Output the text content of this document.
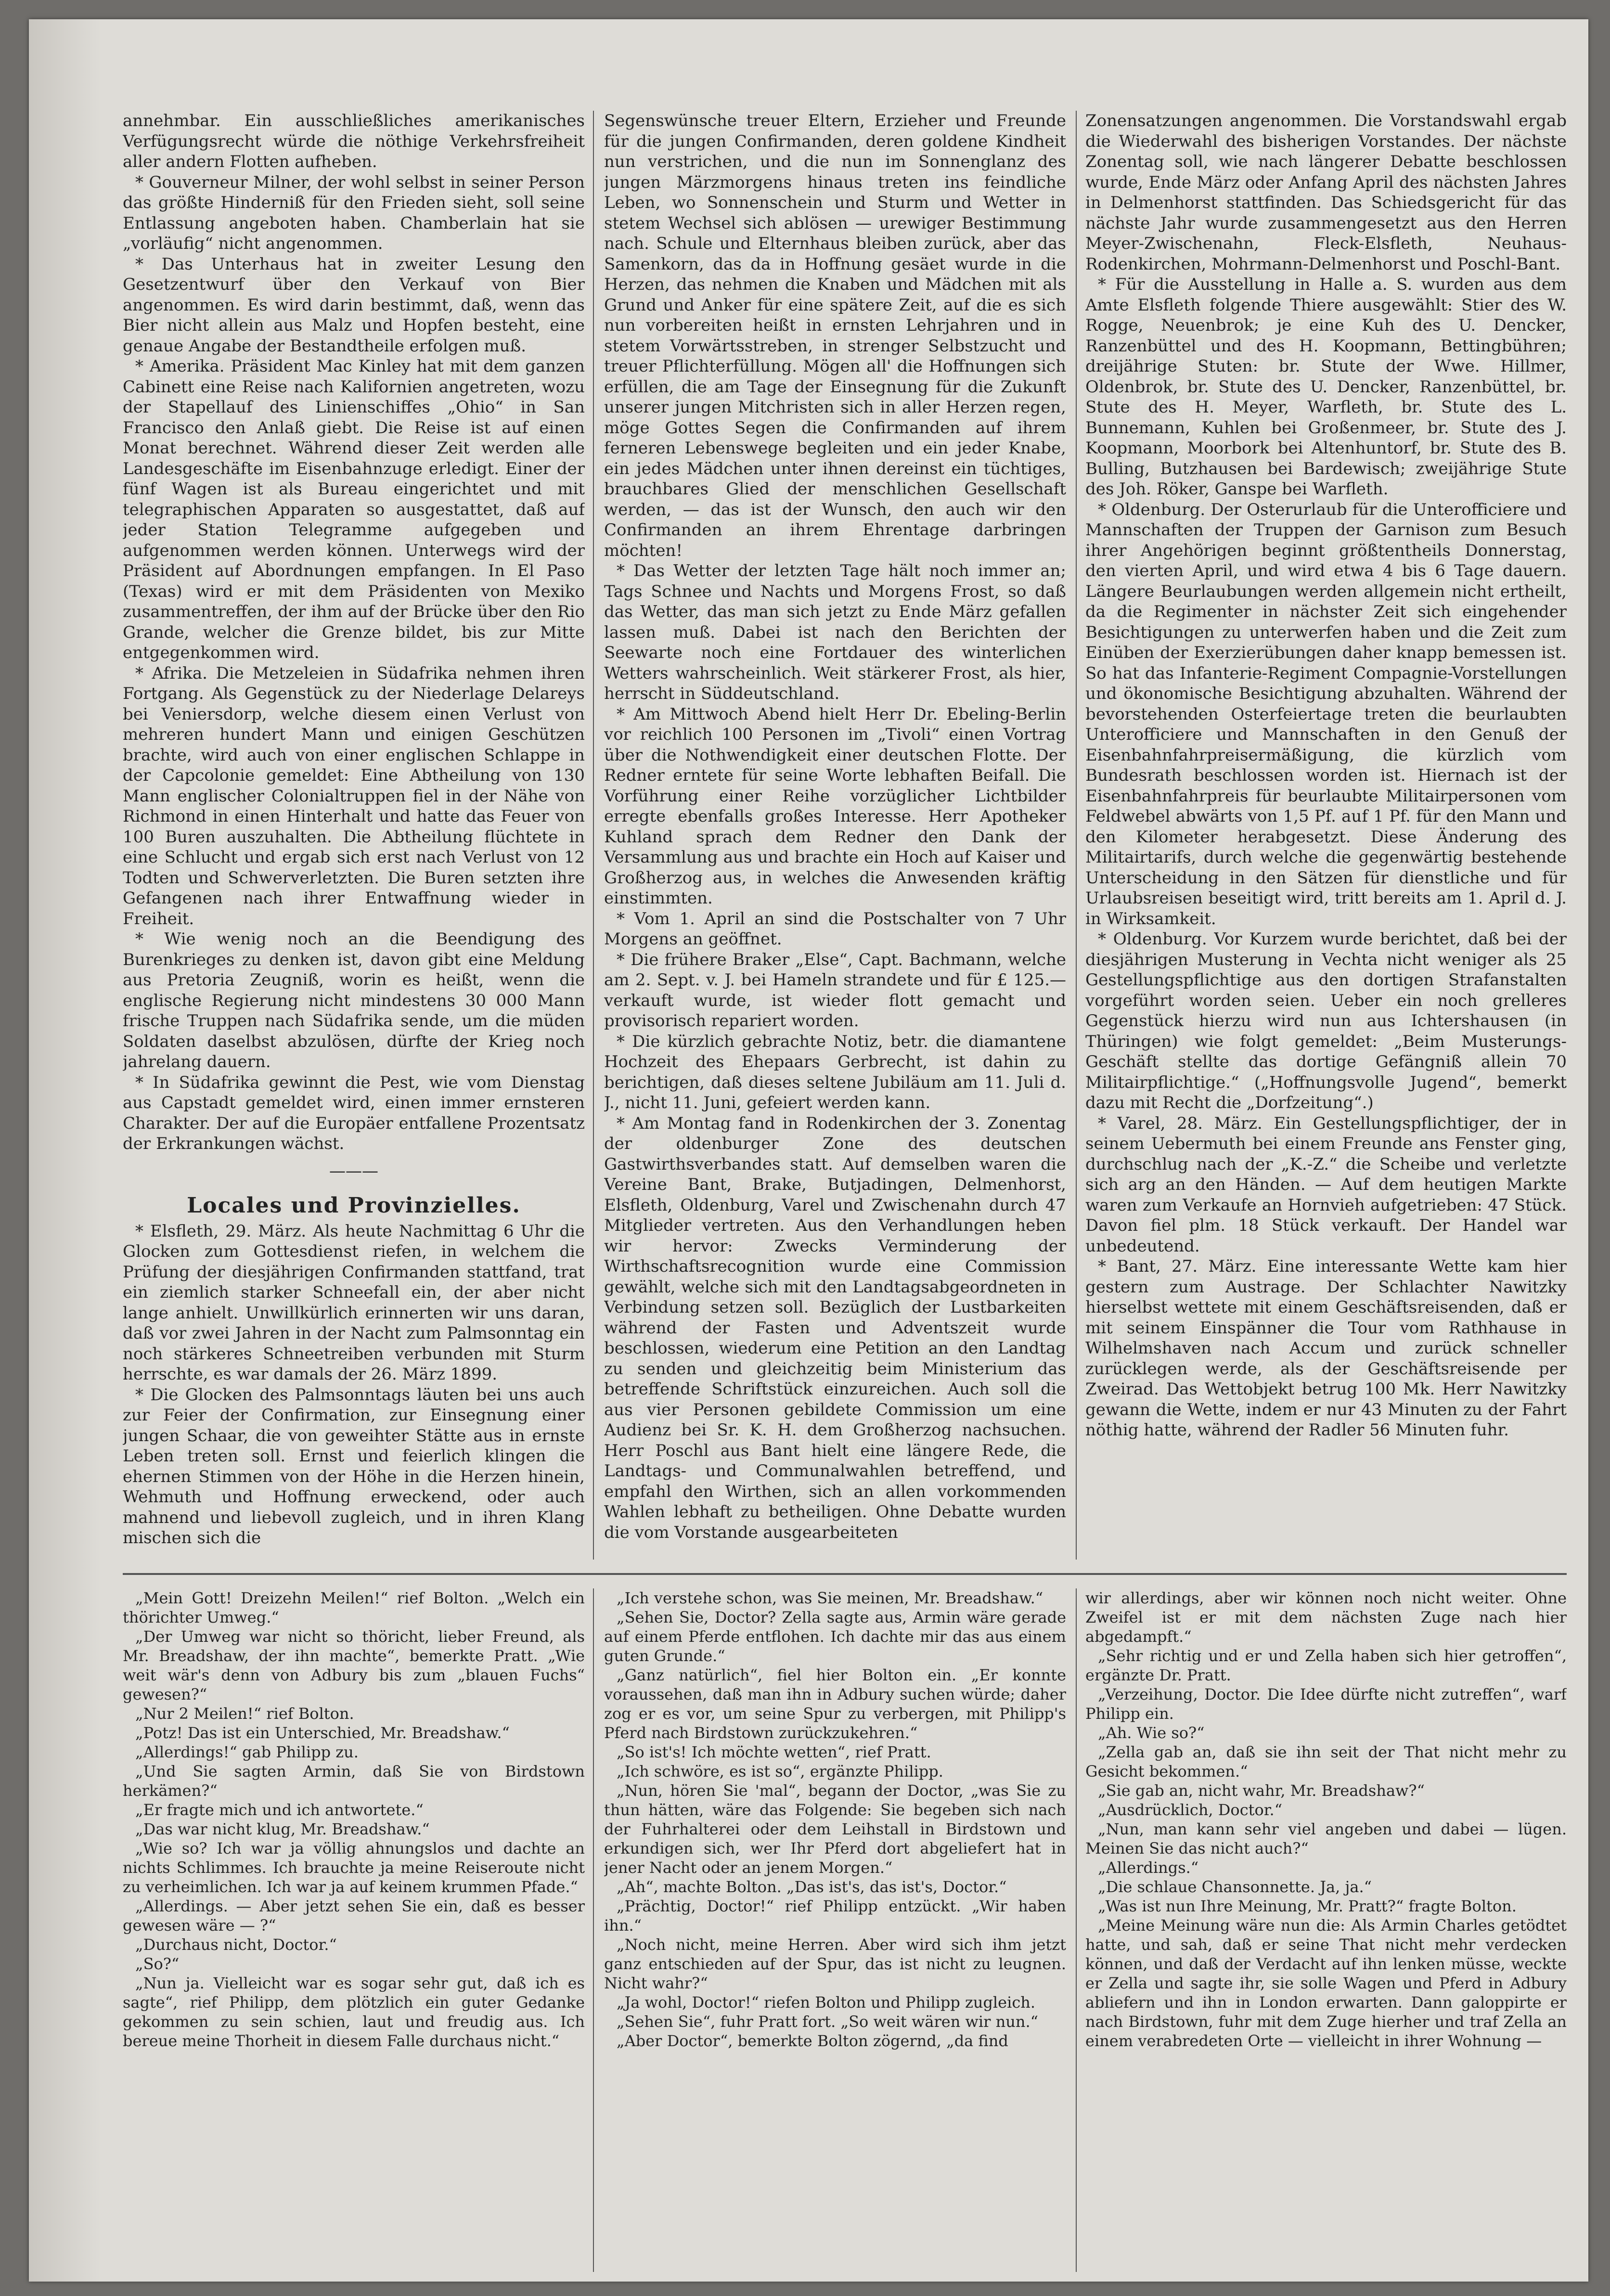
annehmbar. Ein ausschließliches amerikanisches Verfügungsrecht würde die nöthige Verkehrsfreiheit aller andern Flotten aufheben.

* Gouverneur Milner, der wohl selbst in seiner Person das größte Hinderniß für den Frieden sieht, soll seine Entlassung angeboten haben. Chamberlain hat sie „vorläufig“ nicht angenommen.

* Das Unterhaus hat in zweiter Lesung den Gesetzentwurf über den Verkauf von Bier angenommen. Es wird darin bestimmt, daß, wenn das Bier nicht allein aus Malz und Hopfen besteht, eine genaue Angabe der Bestandtheile erfolgen muß.

* Amerika. Präsident Mac Kinley hat mit dem ganzen Cabinett eine Reise nach Kalifornien angetreten, wozu der Stapellauf des Linienschiffes „Ohio“ in San Francisco den Anlaß giebt. Die Reise ist auf einen Monat berechnet. Während dieser Zeit werden alle Landesgeschäfte im Eisenbahnzuge erledigt. Einer der fünf Wagen ist als Bureau eingerichtet und mit telegraphischen Apparaten so ausgestattet, daß auf jeder Station Telegramme aufgegeben und aufgenommen werden können. Unterwegs wird der Präsident auf Abordnungen empfangen. In El Paso (Texas) wird er mit dem Präsidenten von Mexiko zusammentreffen, der ihm auf der Brücke über den Rio Grande, welcher die Grenze bildet, bis zur Mitte entgegenkommen wird.

* Afrika. Die Metzeleien in Südafrika nehmen ihren Fortgang. Als Gegenstück zu der Niederlage Delareys bei Veniersdorp, welche diesem einen Verlust von mehreren hundert Mann und einigen Geschützen brachte, wird auch von einer englischen Schlappe in der Capcolonie gemeldet: Eine Abtheilung von 130 Mann englischer Colonialtruppen fiel in der Nähe von Richmond in einen Hinterhalt und hatte das Feuer von 100 Buren auszuhalten. Die Abtheilung flüchtete in eine Schlucht und ergab sich erst nach Verlust von 12 Todten und Schwerverletzten. Die Buren setzten ihre Gefangenen nach ihrer Entwaffnung wieder in Freiheit.

* Wie wenig noch an die Beendigung des Burenkrieges zu denken ist, davon gibt eine Meldung aus Pretoria Zeugniß, worin es heißt, wenn die englische Regierung nicht mindestens 30 000 Mann frische Truppen nach Südafrika sende, um die müden Soldaten daselbst abzulösen, dürfte der Krieg noch jahrelang dauern.

* In Südafrika gewinnt die Pest, wie vom Dienstag aus Capstadt gemeldet wird, einen immer ernsteren Charakter. Der auf die Europäer entfallene Prozentsatz der Erkrankungen wächst.

———
Locales und Provinzielles.

* Elsfleth, 29. März. Als heute Nachmittag 6 Uhr die Glocken zum Gottesdienst riefen, in welchem die Prüfung der diesjährigen Confirmanden stattfand, trat ein ziemlich starker Schneefall ein, der aber nicht lange anhielt. Unwillkürlich erinnerten wir uns daran, daß vor zwei Jahren in der Nacht zum Palmsonntag ein noch stärkeres Schneetreiben verbunden mit Sturm herrschte, es war damals der 26. März 1899.

* Die Glocken des Palmsonntags läuten bei uns auch zur Feier der Confirmation, zur Einsegnung einer jungen Schaar, die von geweihter Stätte aus in ernste Leben treten soll. Ernst und feierlich klingen die ehernen Stimmen von der Höhe in die Herzen hinein, Wehmuth und Hoffnung erweckend, oder auch mahnend und liebevoll zugleich, und in ihren Klang mischen sich die

Segenswünsche treuer Eltern, Erzieher und Freunde für die jungen Confirmanden, deren goldene Kindheit nun verstrichen, und die nun im Sonnenglanz des jungen Märzmorgens hinaus treten ins feindliche Leben, wo Sonnenschein und Sturm und Wetter in stetem Wechsel sich ablösen — urewiger Bestimmung nach. Schule und Elternhaus bleiben zurück, aber das Samenkorn, das da in Hoffnung gesäet wurde in die Herzen, das nehmen die Knaben und Mädchen mit als Grund und Anker für eine spätere Zeit, auf die es sich nun vorbereiten heißt in ernsten Lehrjahren und in stetem Vorwärtsstreben, in strenger Selbstzucht und treuer Pflichterfüllung. Mögen all' die Hoffnungen sich erfüllen, die am Tage der Einsegnung für die Zukunft unserer jungen Mitchristen sich in aller Herzen regen, möge Gottes Segen die Confirmanden auf ihrem ferneren Lebenswege begleiten und ein jeder Knabe, ein jedes Mädchen unter ihnen dereinst ein tüchtiges, brauchbares Glied der menschlichen Gesellschaft werden, — das ist der Wunsch, den auch wir den Confirmanden an ihrem Ehrentage darbringen möchten!

* Das Wetter der letzten Tage hält noch immer an; Tags Schnee und Nachts und Morgens Frost, so daß das Wetter, das man sich jetzt zu Ende März gefallen lassen muß. Dabei ist nach den Berichten der Seewarte noch eine Fortdauer des winterlichen Wetters wahrscheinlich. Weit stärkerer Frost, als hier, herrscht in Süddeutschland.

* Am Mittwoch Abend hielt Herr Dr. Ebeling-Berlin vor reichlich 100 Personen im „Tivoli“ einen Vortrag über die Nothwendigkeit einer deutschen Flotte. Der Redner erntete für seine Worte lebhaften Beifall. Die Vorführung einer Reihe vorzüglicher Lichtbilder erregte ebenfalls großes Interesse. Herr Apotheker Kuhland sprach dem Redner den Dank der Versammlung aus und brachte ein Hoch auf Kaiser und Großherzog aus, in welches die Anwesenden kräftig einstimmten.

* Vom 1. April an sind die Postschalter von 7 Uhr Morgens an geöffnet.

* Die frühere Braker „Else“, Capt. Bachmann, welche am 2. Sept. v. J. bei Hameln strandete und für £ 125.— verkauft wurde, ist wieder flott gemacht und provisorisch repariert worden.

* Die kürzlich gebrachte Notiz, betr. die diamantene Hochzeit des Ehepaars Gerbrecht, ist dahin zu berichtigen, daß dieses seltene Jubiläum am 11. Juli d. J., nicht 11. Juni, gefeiert werden kann.

* Am Montag fand in Rodenkirchen der 3. Zonentag der oldenburger Zone des deutschen Gastwirthsverbandes statt. Auf demselben waren die Vereine Bant, Brake, Butjadingen, Delmenhorst, Elsfleth, Oldenburg, Varel und Zwischenahn durch 47 Mitglieder vertreten. Aus den Verhandlungen heben wir hervor: Zwecks Verminderung der Wirthschaftsrecognition wurde eine Commission gewählt, welche sich mit den Landtagsabgeordneten in Verbindung setzen soll. Bezüglich der Lustbarkeiten während der Fasten und Adventszeit wurde beschlossen, wiederum eine Petition an den Landtag zu senden und gleichzeitig beim Ministerium das betreffende Schriftstück einzureichen. Auch soll die aus vier Personen gebildete Commission um eine Audienz bei Sr. K. H. dem Großherzog nachsuchen. Herr Poschl aus Bant hielt eine längere Rede, die Landtags- und Communalwahlen betreffend, und empfahl den Wirthen, sich an allen vorkommenden Wahlen lebhaft zu betheiligen. Ohne Debatte wurden die vom Vorstande ausgearbeiteten

Zonensatzungen angenommen. Die Vorstandswahl ergab die Wiederwahl des bisherigen Vorstandes. Der nächste Zonentag soll, wie nach längerer Debatte beschlossen wurde, Ende März oder Anfang April des nächsten Jahres in Delmenhorst stattfinden. Das Schiedsgericht für das nächste Jahr wurde zusammengesetzt aus den Herren Meyer-Zwischenahn, Fleck-Elsfleth, Neuhaus-Rodenkirchen, Mohrmann-Delmenhorst und Poschl-Bant.

* Für die Ausstellung in Halle a. S. wurden aus dem Amte Elsfleth folgende Thiere ausgewählt: Stier des W. Rogge, Neuenbrok; je eine Kuh des U. Dencker, Ranzenbüttel und des H. Koopmann, Bettingbühren; dreijährige Stuten: br. Stute der Wwe. Hillmer, Oldenbrok, br. Stute des U. Dencker, Ranzenbüttel, br. Stute des H. Meyer, Warfleth, br. Stute des L. Bunnemann, Kuhlen bei Großenmeer, br. Stute des J. Koopmann, Moorbork bei Altenhuntorf, br. Stute des B. Bulling, Butzhausen bei Bardewisch; zweijährige Stute des Joh. Röker, Ganspe bei Warfleth.

* Oldenburg. Der Osterurlaub für die Unterofficiere und Mannschaften der Truppen der Garnison zum Besuch ihrer Angehörigen beginnt größtentheils Donnerstag, den vierten April, und wird etwa 4 bis 6 Tage dauern. Längere Beurlaubungen werden allgemein nicht ertheilt, da die Regimenter in nächster Zeit sich eingehender Besichtigungen zu unterwerfen haben und die Zeit zum Einüben der Exerzierübungen daher knapp bemessen ist. So hat das Infanterie-Regiment Compagnie-Vorstellungen und ökonomische Besichtigung abzuhalten. Während der bevorstehenden Osterfeiertage treten die beurlaubten Unterofficiere und Mannschaften in den Genuß der Eisenbahnfahrpreisermäßigung, die kürzlich vom Bundesrath beschlossen worden ist. Hiernach ist der Eisenbahnfahrpreis für beurlaubte Militairpersonen vom Feldwebel abwärts von 1,5 Pf. auf 1 Pf. für den Mann und den Kilometer herabgesetzt. Diese Änderung des Militairtarifs, durch welche die gegenwärtig bestehende Unterscheidung in den Sätzen für dienstliche und für Urlaubsreisen beseitigt wird, tritt bereits am 1. April d. J. in Wirksamkeit.

* Oldenburg. Vor Kurzem wurde berichtet, daß bei der diesjährigen Musterung in Vechta nicht weniger als 25 Gestellungspflichtige aus den dortigen Strafanstalten vorgeführt worden seien. Ueber ein noch grelleres Gegenstück hierzu wird nun aus Ichtershausen (in Thüringen) wie folgt gemeldet: „Beim Musterungs-Geschäft stellte das dortige Gefängniß allein 70 Militairpflichtige.“ („Hoffnungsvolle Jugend“, bemerkt dazu mit Recht die „Dorfzeitung“.)

* Varel, 28. März. Ein Gestellungspflichtiger, der in seinem Uebermuth bei einem Freunde ans Fenster ging, durchschlug nach der „K.-Z.“ die Scheibe und verletzte sich arg an den Händen. — Auf dem heutigen Markte waren zum Verkaufe an Hornvieh aufgetrieben: 47 Stück. Davon fiel plm. 18 Stück verkauft. Der Handel war unbedeutend.

* Bant, 27. März. Eine interessante Wette kam hier gestern zum Austrage. Der Schlachter Nawitzky hierselbst wettete mit einem Geschäftsreisenden, daß er mit seinem Einspänner die Tour vom Rathhause in Wilhelmshaven nach Accum und zurück schneller zurücklegen werde, als der Geschäftsreisende per Zweirad. Das Wettobjekt betrug 100 Mk. Herr Nawitzky gewann die Wette, indem er nur 43 Minuten zu der Fahrt nöthig hatte, während der Radler 56 Minuten fuhr.

„Mein Gott! Dreizehn Meilen!“ rief Bolton. „Welch ein thörichter Umweg.“

„Der Umweg war nicht so thöricht, lieber Freund, als Mr. Breadshaw, der ihn machte“, bemerkte Pratt. „Wie weit wär's denn von Adbury bis zum „blauen Fuchs“ gewesen?“

„Nur 2 Meilen!“ rief Bolton.

„Potz! Das ist ein Unterschied, Mr. Breadshaw.“

„Allerdings!“ gab Philipp zu.

„Und Sie sagten Armin, daß Sie von Birdstown herkämen?“

„Er fragte mich und ich antwortete.“

„Das war nicht klug, Mr. Breadshaw.“

„Wie so? Ich war ja völlig ahnungslos und dachte an nichts Schlimmes. Ich brauchte ja meine Reiseroute nicht zu verheimlichen. Ich war ja auf keinem krummen Pfade.“

„Allerdings. — Aber jetzt sehen Sie ein, daß es besser gewesen wäre — ?“

„Durchaus nicht, Doctor.“

„So?“

„Nun ja. Vielleicht war es sogar sehr gut, daß ich es sagte“, rief Philipp, dem plötzlich ein guter Gedanke gekommen zu sein schien, laut und freudig aus. Ich bereue meine Thorheit in diesem Falle durchaus nicht.“

„Ich verstehe schon, was Sie meinen, Mr. Breadshaw.“

„Sehen Sie, Doctor? Zella sagte aus, Armin wäre gerade auf einem Pferde entflohen. Ich dachte mir das aus einem guten Grunde.“

„Ganz natürlich“, fiel hier Bolton ein. „Er konnte voraussehen, daß man ihn in Adbury suchen würde; daher zog er es vor, um seine Spur zu verbergen, mit Philipp's Pferd nach Birdstown zurückzukehren.“

„So ist's! Ich möchte wetten“, rief Pratt.

„Ich schwöre, es ist so“, ergänzte Philipp.

„Nun, hören Sie 'mal“, begann der Doctor, „was Sie zu thun hätten, wäre das Folgende: Sie begeben sich nach der Fuhrhalterei oder dem Leihstall in Birdstown und erkundigen sich, wer Ihr Pferd dort abgeliefert hat in jener Nacht oder an jenem Morgen.“

„Ah“, machte Bolton. „Das ist's, das ist's, Doctor.“

„Prächtig, Doctor!“ rief Philipp entzückt. „Wir haben ihn.“

„Noch nicht, meine Herren. Aber wird sich ihm jetzt ganz entschieden auf der Spur, das ist nicht zu leugnen. Nicht wahr?“

„Ja wohl, Doctor!“ riefen Bolton und Philipp zugleich.

„Sehen Sie“, fuhr Pratt fort. „So weit wären wir nun.“

„Aber Doctor“, bemerkte Bolton zögernd, „da find

wir allerdings, aber wir können noch nicht weiter. Ohne Zweifel ist er mit dem nächsten Zuge nach hier abgedampft.“

„Sehr richtig und er und Zella haben sich hier getroffen“, ergänzte Dr. Pratt.

„Verzeihung, Doctor. Die Idee dürfte nicht zutreffen“, warf Philipp ein.

„Ah. Wie so?“

„Zella gab an, daß sie ihn seit der That nicht mehr zu Gesicht bekommen.“

„Sie gab an, nicht wahr, Mr. Breadshaw?“

„Ausdrücklich, Doctor.“

„Nun, man kann sehr viel angeben und dabei — lügen. Meinen Sie das nicht auch?“

„Allerdings.“

„Die schlaue Chansonnette. Ja, ja.“

„Was ist nun Ihre Meinung, Mr. Pratt?“ fragte Bolton.

„Meine Meinung wäre nun die: Als Armin Charles getödtet hatte, und sah, daß er seine That nicht mehr verdecken können, und daß der Verdacht auf ihn lenken müsse, weckte er Zella und sagte ihr, sie solle Wagen und Pferd in Adbury abliefern und ihn in London erwarten. Dann galoppirte er nach Birdstown, fuhr mit dem Zuge hierher und traf Zella an einem verabredeten Orte — vielleicht in ihrer Wohnung —
